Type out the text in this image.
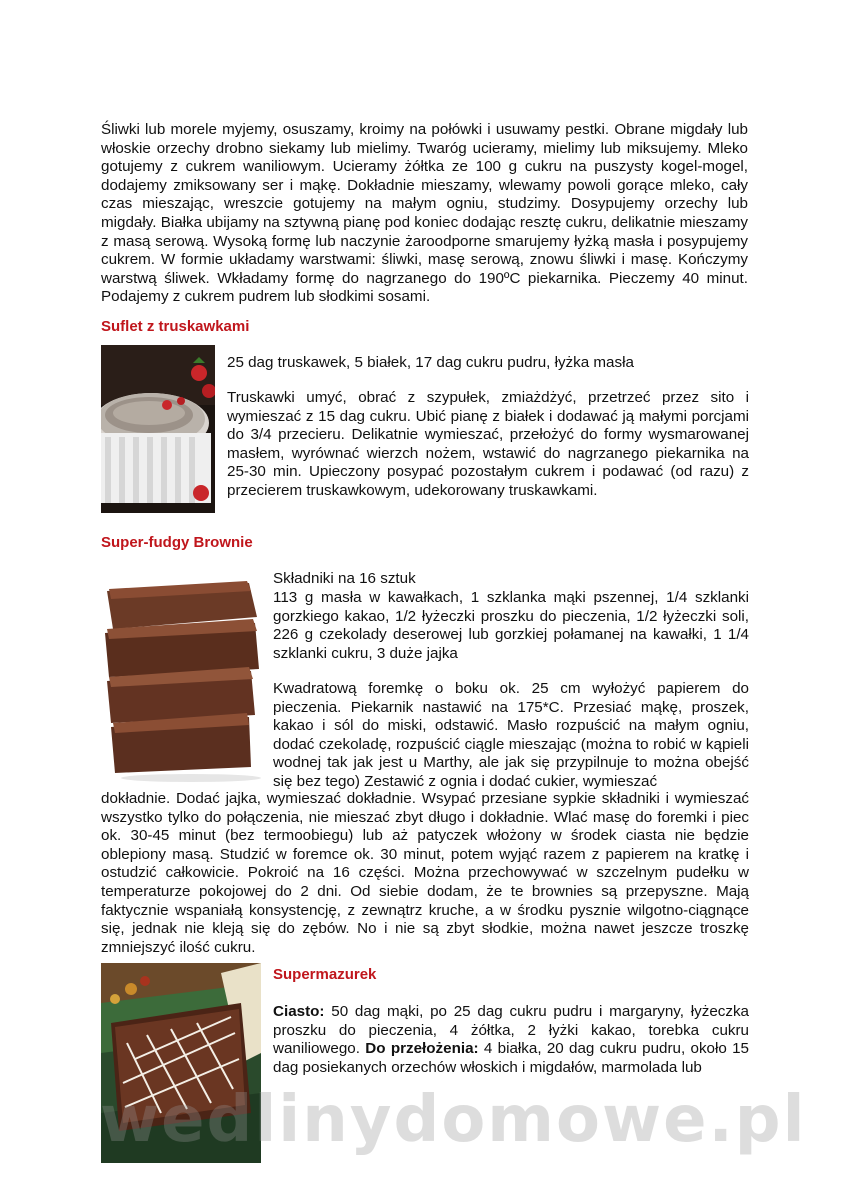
Śliwki lub morele myjemy, osuszamy, kroimy na połówki i usuwamy pestki. Obrane migdały lub włoskie orzechy drobno siekamy lub mielimy. Twaróg ucieramy, mielimy lub miksujemy. Mleko gotujemy z cukrem waniliowym. Ucieramy żółtka ze 100 g cukru na puszysty kogel-mogel, dodajemy zmiksowany ser i mąkę. Dokładnie mieszamy, wlewamy powoli gorące mleko, cały czas mieszając, wreszcie gotujemy na małym ogniu, studzimy. Dosypujemy orzechy lub migdały. Białka ubijamy na sztywną pianę pod koniec dodając resztę cukru, delikatnie mieszamy z masą serową. Wysoką formę lub naczynie żaroodporne smarujemy łyżką masła i posypujemy cukrem. W formie układamy warstwami: śliwki, masę serową, znowu śliwki i masę. Kończymy warstwą śliwek. Wkładamy formę do nagrzanego do 190ºC piekarnika. Pieczemy 40 minut. Podajemy z cukrem pudrem lub słodkimi sosami.

Suflet z truskawkami

25 dag truskawek, 5 białek, 17 dag cukru pudru, łyżka masła

Truskawki umyć, obrać z szypułek, zmiażdżyć, przetrzeć przez sito i wymieszać z 15 dag cukru. Ubić pianę z białek i dodawać ją małymi porcjami do 3/4 przecieru. Delikatnie wymieszać, przełożyć do formy wysmarowanej masłem, wyrównać wierzch nożem, wstawić do nagrzanego piekarnika na 25-30 min. Upieczony posypać pozostałym cukrem i podawać (od razu) z przecierem truskawkowym, udekorowany truskawkami.

Super-fudgy Brownie

Składniki na 16 sztuk

113 g masła w kawałkach, 1 szklanka mąki pszennej, 1/4 szklanki gorzkiego kakao, 1/2 łyżeczki proszku do pieczenia, 1/2 łyżeczki soli, 226 g czekolady deserowej lub gorzkiej połamanej na kawałki, 1 1/4 szklanki cukru, 3 duże jajka

Kwadratową foremkę o boku ok. 25 cm wyłożyć papierem do pieczenia. Piekarnik nastawić na 175*C. Przesiać mąkę, proszek, kakao i sól do miski, odstawić. Masło rozpuścić na małym ogniu, dodać czekoladę, rozpuścić ciągle mieszając (można to robić w kąpieli wodnej tak jak jest u Marthy, ale jak się przypilnuje to można obejść się bez tego) Zestawić z ognia i dodać cukier, wymieszać

dokładnie. Dodać jajka, wymieszać dokładnie. Wsypać przesiane sypkie składniki i wymieszać wszystko tylko do połączenia, nie mieszać zbyt długo i dokładnie. Wlać masę do foremki i piec ok. 30-45 minut (bez termoobiegu) lub aż patyczek włożony w środek ciasta nie będzie oblepiony masą. Studzić w foremce ok. 30 minut, potem wyjąć razem z papierem na kratkę i ostudzić całkowicie. Pokroić na 16 części. Można przechowywać w szczelnym pudełku w temperaturze pokojowej do 2 dni. Od siebie dodam, że te brownies są przepyszne. Mają faktycznie wspaniałą konsystencję, z zewnątrz kruche, a w środku pysznie wilgotno-ciągnące się, jednak nie kleją się do zębów. No i nie są zbyt słodkie, można nawet jeszcze troszkę zmniejszyć ilość cukru.

Supermazurek

Ciasto: 50 dag mąki, po 25 dag cukru pudru i margaryny, łyżeczka proszku do pieczenia, 4 żółtka, 2 łyżki kakao, torebka cukru waniliowego. Do przełożenia: 4 białka, 20 dag cukru pudru, około 15 dag posiekanych orzechów włoskich i migdałów, marmolada lub

wedlinydomowe.pl
